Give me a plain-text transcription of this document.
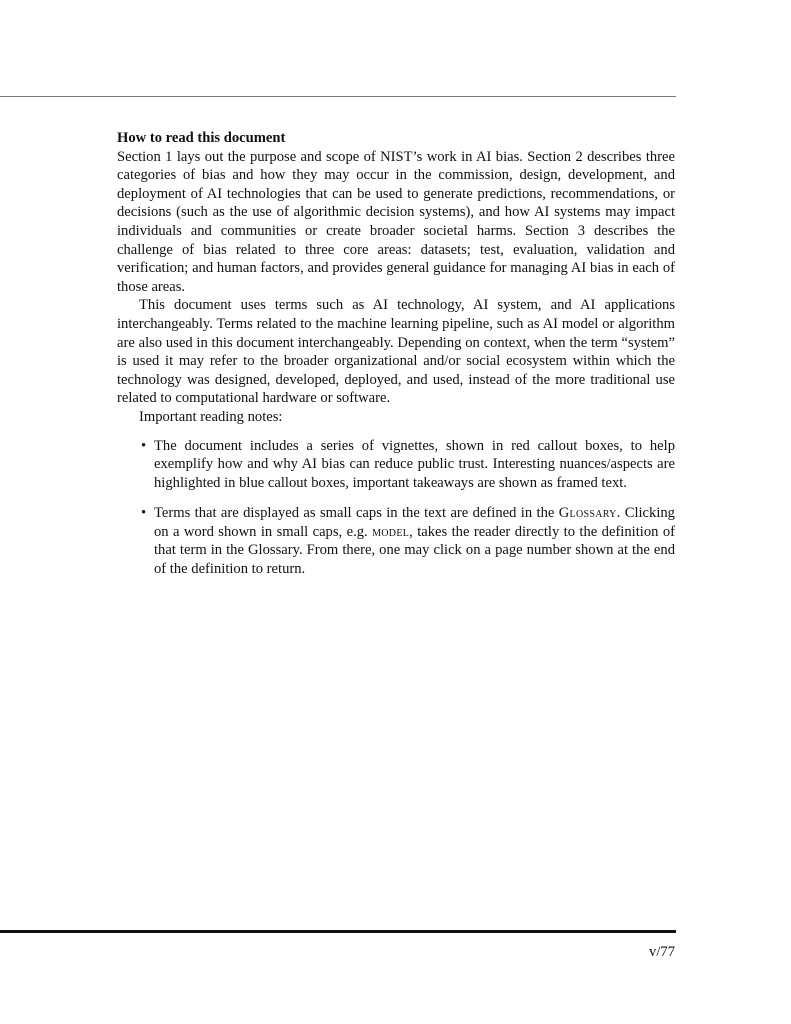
How to read this document

Section 1 lays out the purpose and scope of NIST’s work in AI bias. Section 2 describes three categories of bias and how they may occur in the commission, design, development, and deployment of AI technologies that can be used to generate predictions, recommendations, or decisions (such as the use of algorithmic decision systems), and how AI systems may impact individuals and communities or create broader societal harms. Section 3 describes the challenge of bias related to three core areas: datasets; test, evaluation, validation and verification; and human factors, and provides general guidance for managing AI bias in each of those areas.

This document uses terms such as AI technology, AI system, and AI applications interchangeably. Terms related to the machine learning pipeline, such as AI model or algorithm are also used in this document interchangeably. Depending on context, when the term “system” is used it may refer to the broader organizational and/or social ecosystem within which the technology was designed, developed, deployed, and used, instead of the more traditional use related to computational hardware or software.

Important reading notes:

• The document includes a series of vignettes, shown in red callout boxes, to help exemplify how and why AI bias can reduce public trust. Interesting nuances/aspects are highlighted in blue callout boxes, important takeaways are shown as framed text.
• Terms that are displayed as small caps in the text are defined in the Glossary. Clicking on a word shown in small caps, e.g. model, takes the reader directly to the definition of that term in the Glossary. From there, one may click on a page number shown at the end of the definition to return.
v/77
